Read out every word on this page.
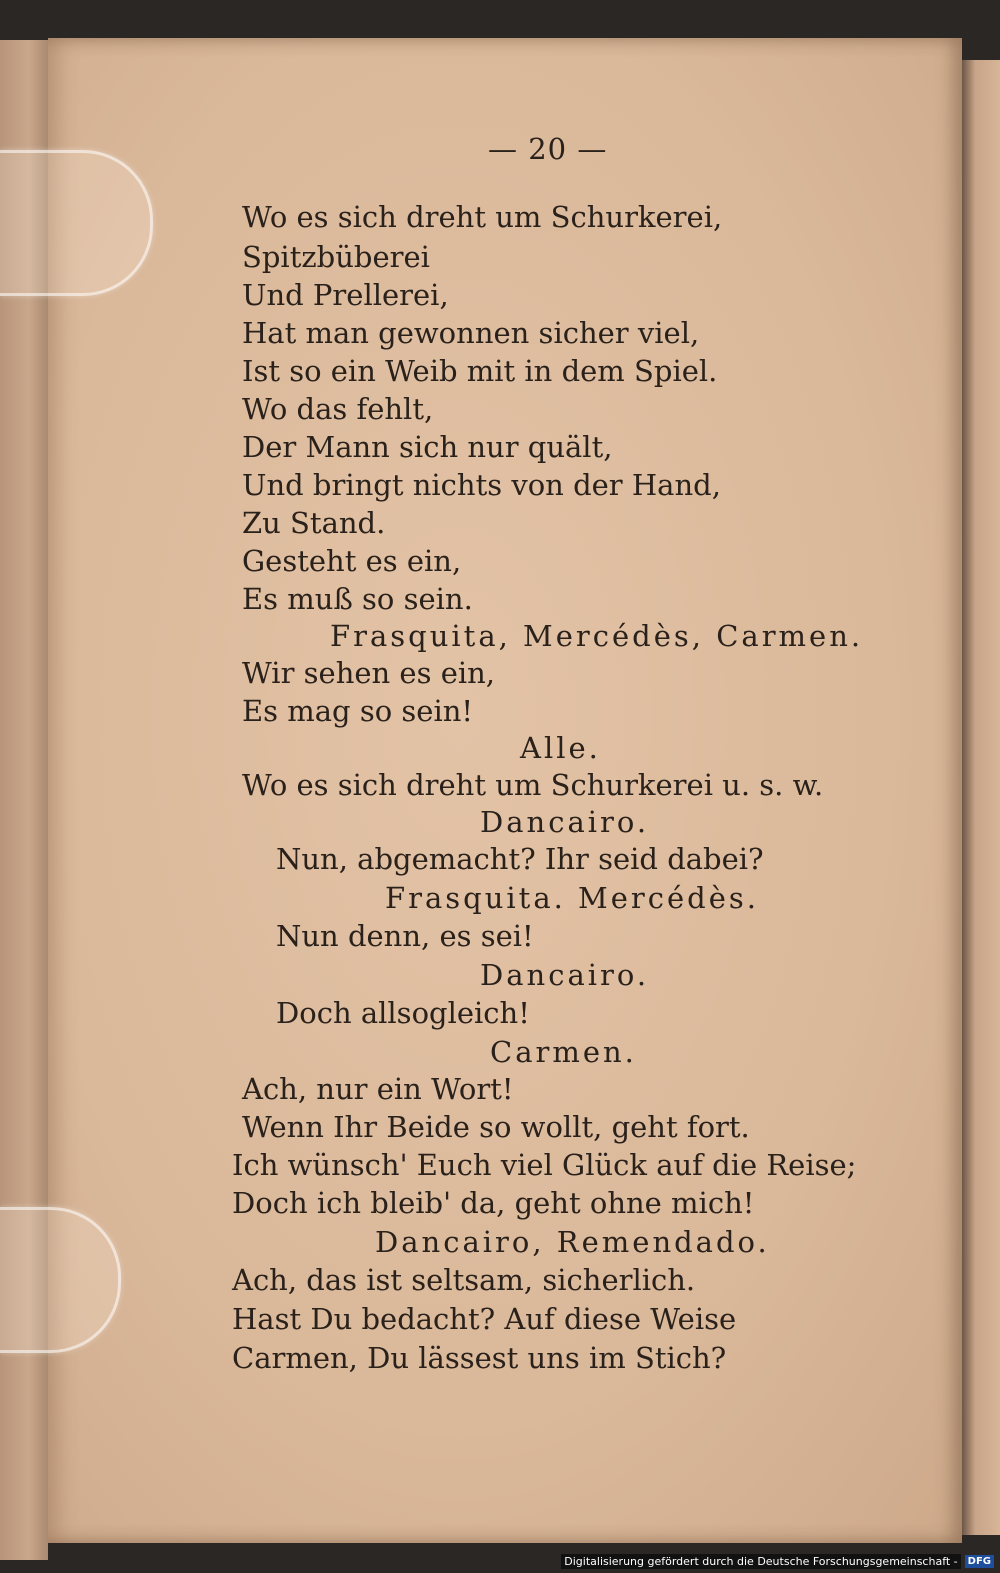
— 20 —
Wo es sich dreht um Schurkerei,
Spitzbüberei
Und Prellerei,
Hat man gewonnen sicher viel,
Ist so ein Weib mit in dem Spiel.
Wo das fehlt,
Der Mann sich nur quält,
Und bringt nichts von der Hand,
Zu Stand.
Gesteht es ein,
Es muß so sein.
Frasquita, Mercédès, Carmen.
Wir sehen es ein,
Es mag so sein!
Alle.
Wo es sich dreht um Schurkerei u. s. w.
Dancairo.
Nun, abgemacht? Ihr seid dabei?
Frasquita. Mercédès.
Nun denn, es sei!
Dancairo.
Doch allsogleich!
Carmen.
Ach, nur ein Wort!
Wenn Ihr Beide so wollt, geht fort.
Ich wünsch' Euch viel Glück auf die Reise;
Doch ich bleib' da, geht ohne mich!
Dancairo, Remendado.
Ach, das ist seltsam, sicherlich.
Hast Du bedacht? Auf diese Weise
Carmen, Du lässest uns im Stich?
Digitalisierung gefördert durch die Deutsche Forschungsgemeinschaft -	DFG
